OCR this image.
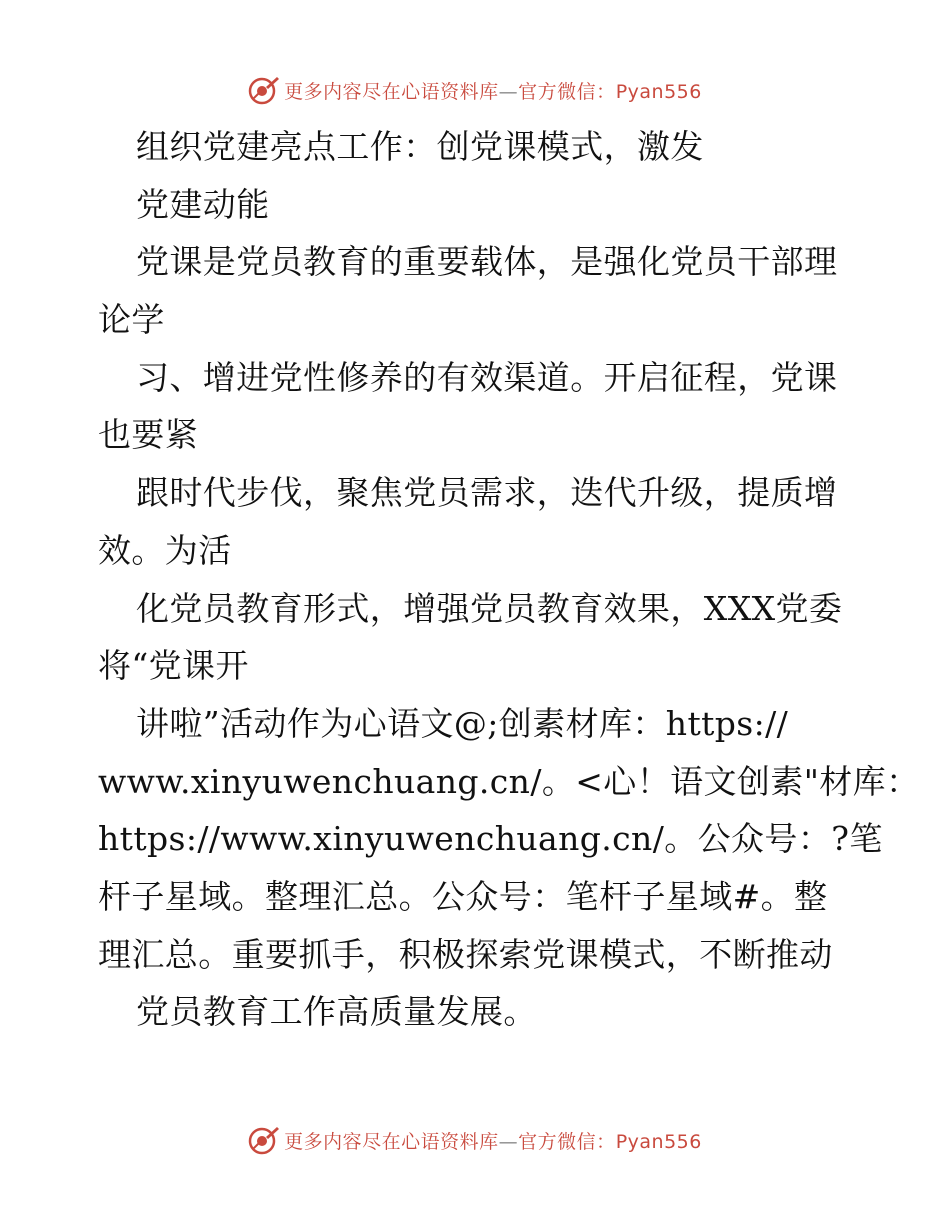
更多内容尽在心语资料库—官方微信：Pyan556
组织党建亮点工作：创党课模式，激发
党建动能
党课是党员教育的重要载体，是强化党员干部理
论学
习、增进党性修养的有效渠道。开启征程，党课
也要紧
跟时代步伐，聚焦党员需求，迭代升级，提质增
效。为活
化党员教育形式，增强党员教育效果，XXX党委
将“党课开
讲啦”活动作为心语文@;创素材库：https://
www.xinyuwenchuang.cn/。<心！语文创素"材库：
https://www.xinyuwenchuang.cn/。公众号：?笔
杆子星域。整理汇总。公众号：笔杆子星域#。整
理汇总。重要抓手，积极探索党课模式，不断推动
党员教育工作高质量发展。
更多内容尽在心语资料库—官方微信：Pyan556
